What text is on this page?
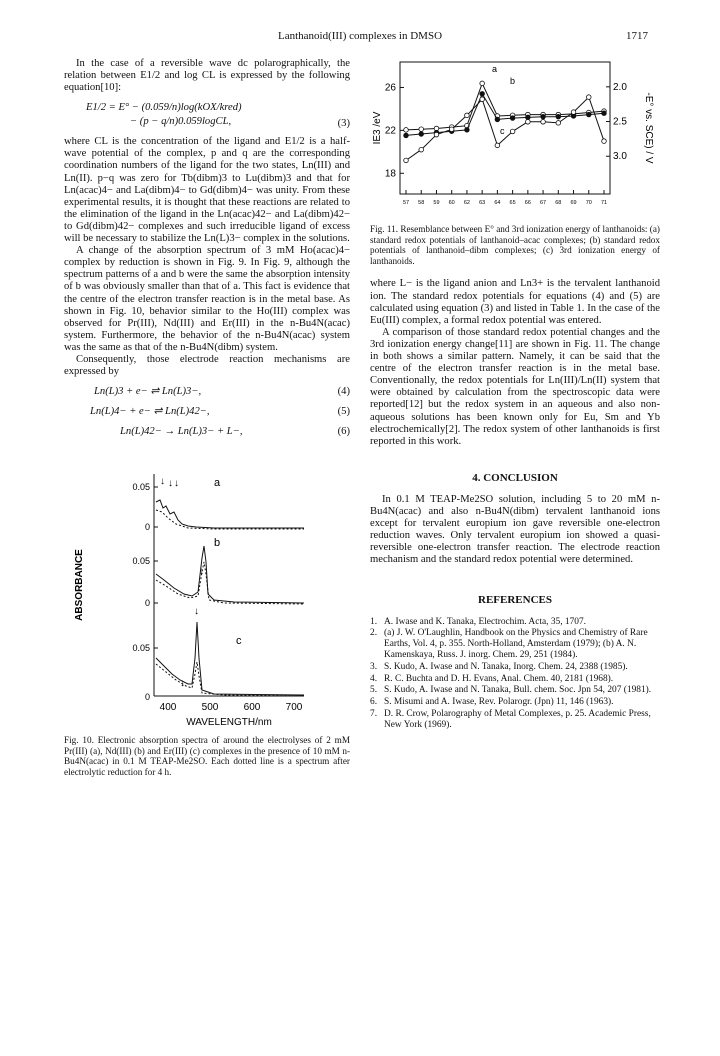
Lanthanoid(III) complexes in DMSO	1717

In the case of a reversible wave dc polarographically, the relation between E1/2 and log CL is expressed by the following equation[10]:

E1/2 = E° − (0.059/n)log(kOX/kred)
− (p − q/n)0.059logCL,	(3)

where CL is the concentration of the ligand and E1/2 is a half-wave potential of the complex, p and q are the corresponding coordination numbers of the ligand for the two states, Ln(III) and Ln(II). p−q was zero for Tb(dibm)3 to Lu(dibm)3 and that for Ln(acac)4− and La(dibm)4− to Gd(dibm)4− was unity. From these experimental results, it is thought that these reactions are related to the elimination of the ligand in the Ln(acac)42− and La(dibm)42− to Gd(dibm)42− complexes and such irreducible ligand of excess will be necessary to stabilize the Ln(L)3− complex in the solutions.

A change of the absorption spectrum of 3 mM Ho(acac)4− complex by reduction is shown in Fig. 9. In Fig. 9, although the spectrum patterns of a and b were the same the absorption intensity of b was obviously smaller than that of a. This fact is evidence that the centre of the electron transfer reaction is in the metal base. As shown in Fig. 10, behavior similar to the Ho(III) complex was observed for Pr(III), Nd(III) and Er(III) in the n-Bu4N(acac) system. Furthermore, the behavior of the n-Bu4N(acac) system was the same as that of the n-Bu4N(dibm) system.

Consequently, those electrode reaction mechanisms are expressed by

Ln(L)3 + e− ⇌ Ln(L)3−,	(4)
Ln(L)4− + e− ⇌ Ln(L)42−,	(5)
Ln(L)42− → Ln(L)3− + L−,	(6)
ABSORBANCE
0.05
0
0.05
0
0.05
0
↓ ↓ ↓	a
↓
b
↓
↓
c
400	500	600	700
WAVELENGTH/nm
Fig. 10. Electronic absorption spectra of around the electrolyses of 2 mM Pr(III) (a), Nd(III) (b) and Er(III) (c) complexes in the presence of 10 mM n-Bu4N(acac) in 0.1 M TEAP-Me2SO. Each dotted line is a spectrum after electrolytic reduction for 4 h.
IE3 /eV	-E° vs. SCE) / V
26
22
18
2.0
2.5
3.0
57 58 59 60 62 63 64 65 66 67 68 69 70 71
a
b
c
Fig. 11. Resemblance between E° and 3rd ionization energy of lanthanoids: (a) standard redox potentials of lanthanoid–acac complexes; (b) standard redox potentials of lanthanoid–dibm complexes; (c) 3rd ionization energy of lanthanoids.

where L− is the ligand anion and Ln3+ is the tervalent lanthanoid ion. The standard redox potentials for equations (4) and (5) are calculated using equation (3) and listed in Table 1. In the case of the Eu(III) complex, a formal redox potential was entered.

A comparison of those standard redox potential changes and the 3rd ionization energy change[11] are shown in Fig. 11. The change in both shows a similar pattern. Namely, it can be said that the centre of the electron transfer reaction is in the metal base. Conventionally, the redox potentials for Ln(III)/Ln(II) system that were obtained by calculation from the spectroscopic data were reported[12] but the redox system in an aqueous and also non-aqueous solutions has been known only for Eu, Sm and Yb electrochemically[2]. The redox system of other lanthanoids is first reported in this work.

4. CONCLUSION

In 0.1 M TEAP-Me2SO solution, including 5 to 20 mM n-Bu4N(acac) and also n-Bu4N(dibm) tervalent lanthanoid ions except for tervalent europium ion gave reversible one-electron reduction waves. Only tervalent europium ion showed a quasi-reversible one-electron transfer reaction. The electrode reaction mechanism and the standard redox potential were determined.

REFERENCES
1. A. Iwase and K. Tanaka, Electrochim. Acta, 35, 1707.
2. (a) J. W. O'Laughlin, Handbook on the Physics and Chemistry of Rare Earths, Vol. 4, p. 355. North-Holland, Amsterdam (1979); (b) A. N. Kamenskaya, Russ. J. inorg. Chem. 29, 251 (1984).
3. S. Kudo, A. Iwase and N. Tanaka, Inorg. Chem. 24, 2388 (1985).
4. R. C. Buchta and D. H. Evans, Anal. Chem. 40, 2181 (1968).
5. S. Kudo, A. Iwase and N. Tanaka, Bull. chem. Soc. Jpn 54, 207 (1981).
6. S. Misumi and A. Iwase, Rev. Polarogr. (Jpn) 11, 146 (1963).
7. D. R. Crow, Polarography of Metal Complexes, p. 25. Academic Press, New York (1969).
